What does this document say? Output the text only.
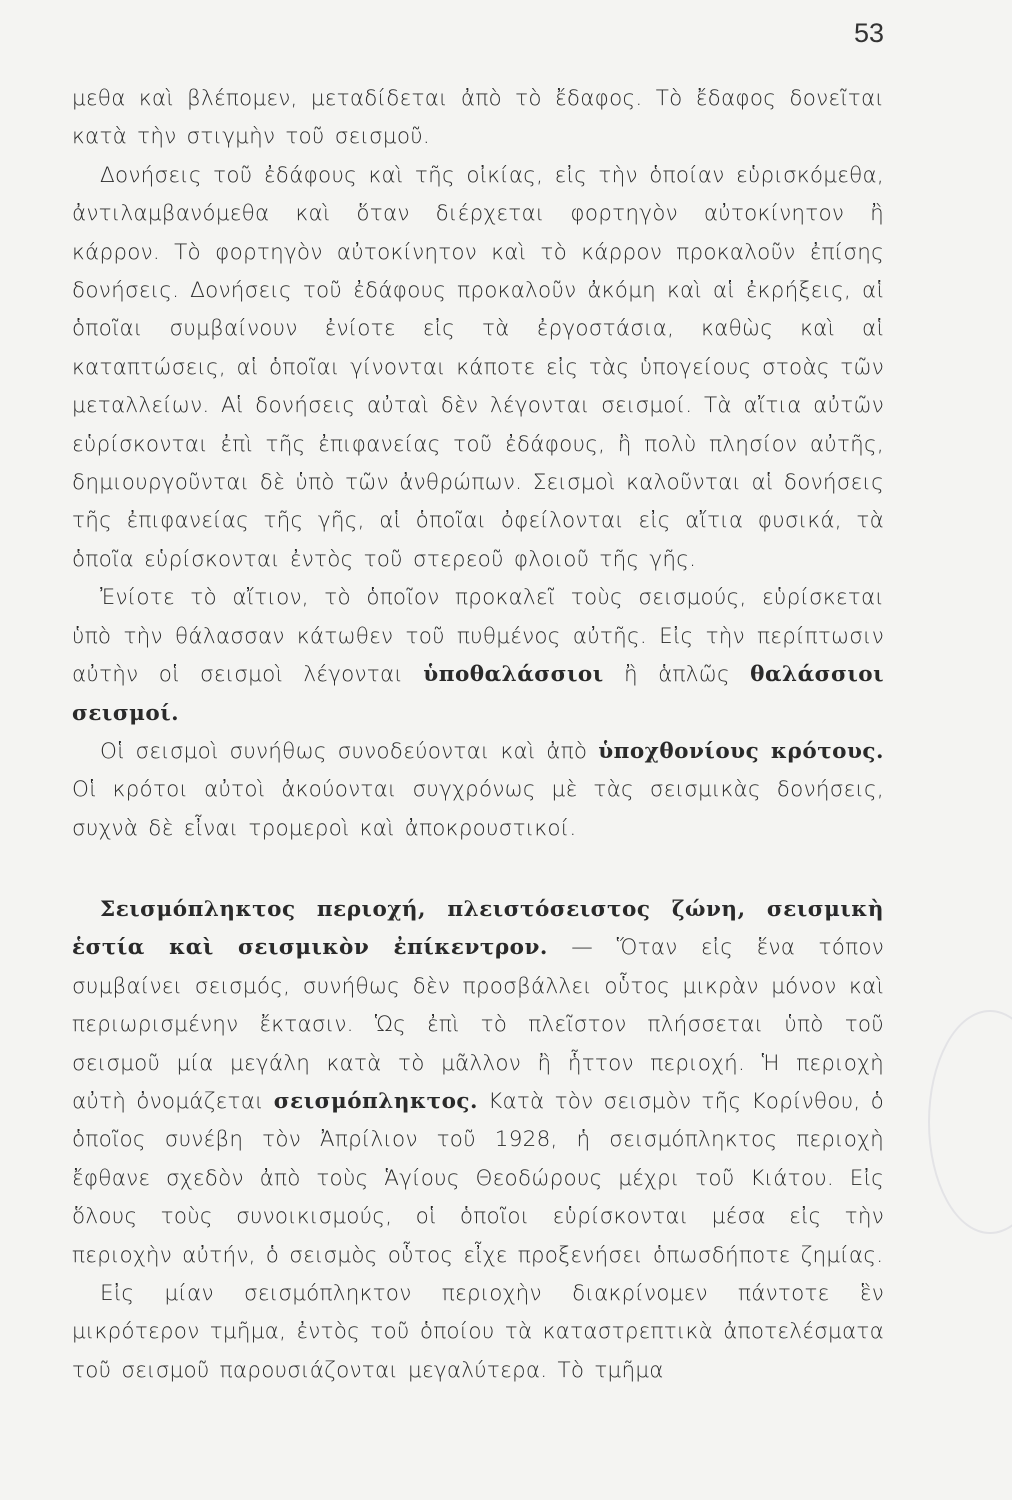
53

μεθα καὶ βλέπομεν, μεταδίδεται ἀπὸ τὸ ἔδαφος. Τὸ ἔδαφος δονεῖται κατὰ τὴν στιγμὴν τοῦ σεισμοῦ.

Δονήσεις τοῦ ἐδάφους καὶ τῆς οἰκίας, εἰς τὴν ὁποίαν εὑρισκόμεθα, ἀντιλαμβανόμεθα καὶ ὅταν διέρχεται φορτηγὸν αὐτοκίνητον ἢ κάρρον. Τὸ φορτηγὸν αὐτοκίνητον καὶ τὸ κάρρον προκαλοῦν ἐπίσης δονήσεις. Δονήσεις τοῦ ἐδάφους προκαλοῦν ἀκόμη καὶ αἱ ἐκρήξεις, αἱ ὁποῖαι συμβαίνουν ἐνίοτε εἰς τὰ ἐργοστάσια, καθὼς καὶ αἱ καταπτώσεις, αἱ ὁποῖαι γίνονται κάποτε εἰς τὰς ὑπογείους στοὰς τῶν μεταλλείων. Αἱ δονήσεις αὐταὶ δὲν λέγονται σεισμοί. Τὰ αἴτια αὐτῶν εὑρίσκονται ἐπὶ τῆς ἐπιφανείας τοῦ ἐδάφους, ἢ πολὺ πλησίον αὐτῆς, δημιουργοῦνται δὲ ὑπὸ τῶν ἀνθρώπων. Σεισμοὶ καλοῦνται αἱ δονήσεις τῆς ἐπιφανείας τῆς γῆς, αἱ ὁποῖαι ὀφείλονται εἰς αἴτια φυσικά, τὰ ὁποῖα εὑρίσκονται ἐντὸς τοῦ στερεοῦ φλοιοῦ τῆς γῆς.

Ἐνίοτε τὸ αἴτιον, τὸ ὁποῖον προκαλεῖ τοὺς σεισμούς, εὑρίσκεται ὑπὸ τὴν θάλασσαν κάτωθεν τοῦ πυθμένος αὐτῆς. Εἰς τὴν περίπτωσιν αὐτὴν οἱ σεισμοὶ λέγονται ὑποθαλάσσιοι ἢ ἁπλῶς θαλάσσιοι σεισμοί.

Οἱ σεισμοὶ συνήθως συνοδεύονται καὶ ἀπὸ ὑποχθονίους κρότους. Οἱ κρότοι αὐτοὶ ἀκούονται συγχρόνως μὲ τὰς σεισμικὰς δονήσεις, συχνὰ δὲ εἶναι τρομεροὶ καὶ ἀποκρουστικοί.

Σεισμόπληκτος περιοχή, πλειστόσειστος ζώνη, σεισμικὴ ἑστία καὶ σεισμικὸν ἐπίκεντρον. — Ὅταν εἰς ἕνα τόπον συμβαίνει σεισμός, συνήθως δὲν προσβάλλει οὗτος μικρὰν μόνον καὶ περιωρισμένην ἔκτασιν. Ὡς ἐπὶ τὸ πλεῖστον πλήσσεται ὑπὸ τοῦ σεισμοῦ μία μεγάλη κατὰ τὸ μᾶλλον ἢ ἧττον περιοχή. Ἡ περιοχὴ αὐτὴ ὀνομάζεται σεισμόπληκτος. Κατὰ τὸν σεισμὸν τῆς Κορίνθου, ὁ ὁποῖος συνέβη τὸν Ἀπρίλιον τοῦ 1928, ἡ σεισμόπληκτος περιοχὴ ἔφθανε σχεδὸν ἀπὸ τοὺς Ἁγίους Θεοδώρους μέχρι τοῦ Κιάτου. Εἰς ὅλους τοὺς συνοικισμούς, οἱ ὁποῖοι εὑρίσκονται μέσα εἰς τὴν περιοχὴν αὐτήν, ὁ σεισμὸς οὗτος εἶχε προξενήσει ὁπωσδήποτε ζημίας.

Εἰς μίαν σεισμόπληκτον περιοχὴν διακρίνομεν πάντοτε ἓν μικρότερον τμῆμα, ἐντὸς τοῦ ὁποίου τὰ καταστρεπτικὰ ἀποτελέσματα τοῦ σεισμοῦ παρουσιάζονται μεγαλύτερα. Τὸ τμῆμα
